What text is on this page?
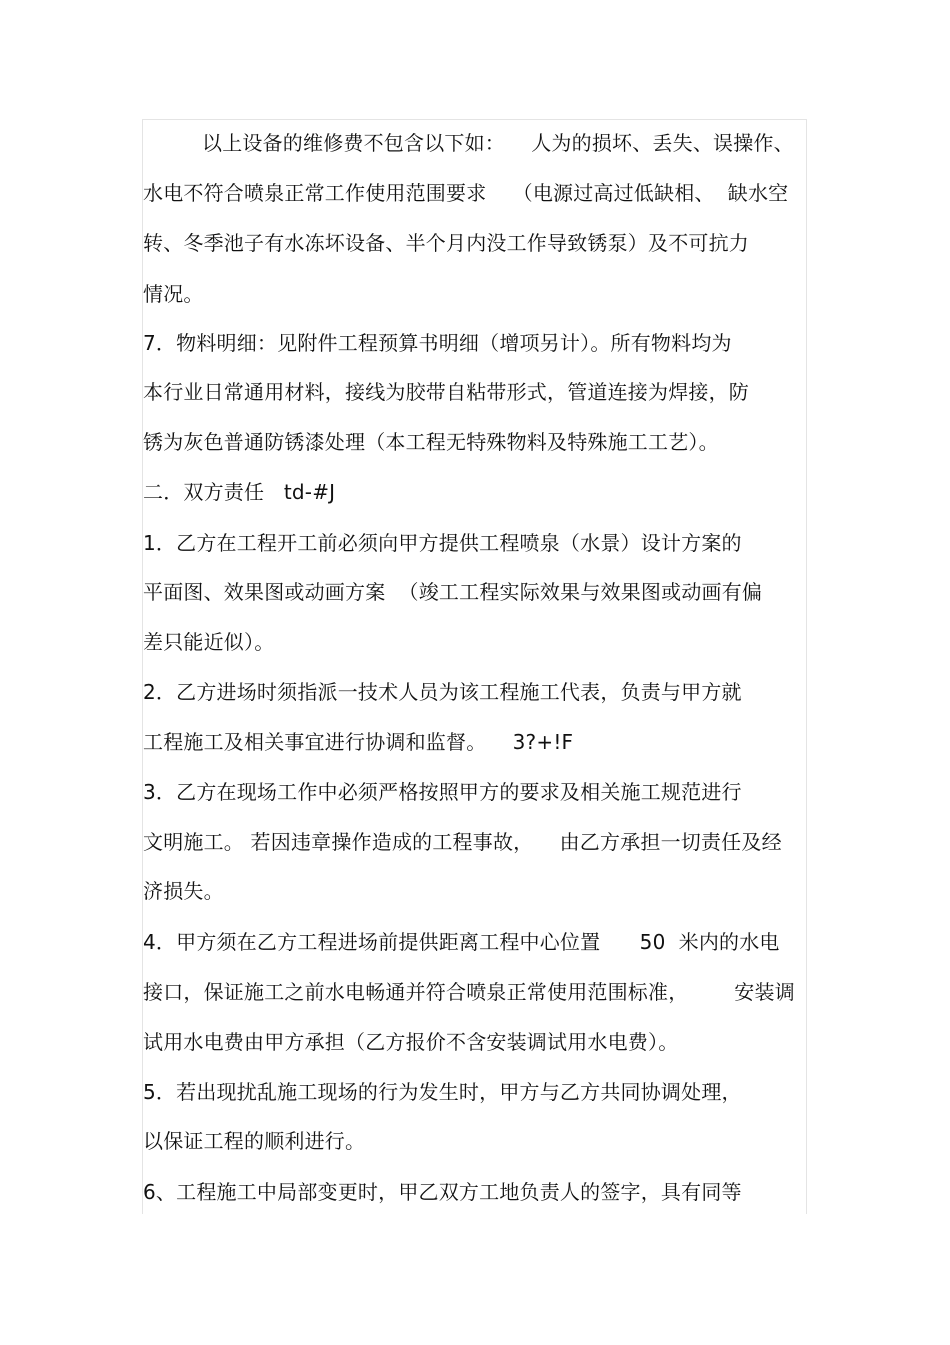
以上设备的维修费不包含以下如：    人为的损坏、丢失、误操作、
水电不符合喷泉正常工作使用范围要求    （电源过高过低缺相、  缺水空
转、冬季池子有水冻坏设备、半个月内没工作导致锈泵）及不可抗力
情况。
7．物料明细：见附件工程预算书明细（增项另计）。所有物料均为
本行业日常通用材料，接线为胶带自粘带形式，管道连接为焊接，防
锈为灰色普通防锈漆处理（本工程无特殊物料及特殊施工工艺）。
二．双方责任   td-#J
1．乙方在工程开工前必须向甲方提供工程喷泉（水景）设计方案的
平面图、效果图或动画方案  （竣工工程实际效果与效果图或动画有偏
差只能近似）。
2．乙方进场时须指派一技术人员为该工程施工代表，负责与甲方就
工程施工及相关事宜进行协调和监督。    3?+!F
3．乙方在现场工作中必须严格按照甲方的要求及相关施工规范进行
文明施工。 若因违章操作造成的工程事故，    由乙方承担一切责任及经
济损失。
4．甲方须在乙方工程进场前提供距离工程中心位置      50  米内的水电
接口，保证施工之前水电畅通并符合喷泉正常使用范围标准，       安装调
试用水电费由甲方承担（乙方报价不含安装调试用水电费）。
5．若出现扰乱施工现场的行为发生时，甲方与乙方共同协调处理，
以保证工程的顺利进行。
6、工程施工中局部变更时，甲乙双方工地负责人的签字，具有同等
